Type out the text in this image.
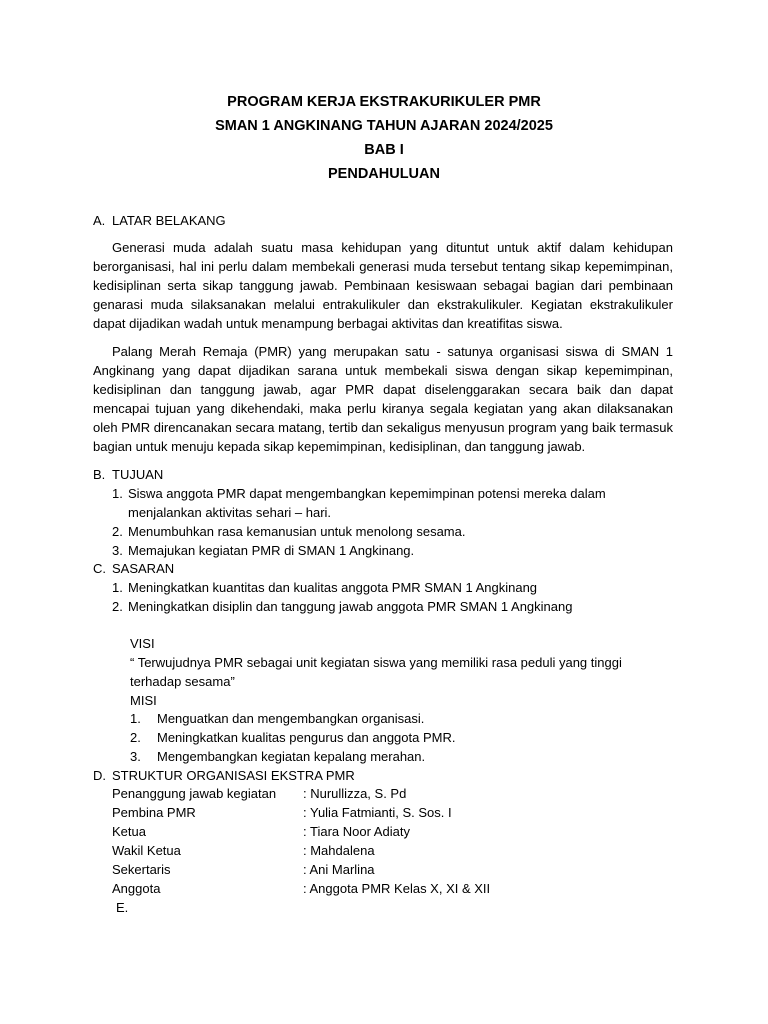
PROGRAM KERJA EKSTRAKURIKULER PMR
SMAN 1 ANGKINANG TAHUN AJARAN 2024/2025
BAB I
PENDAHULUAN
A. LATAR BELAKANG
Generasi muda adalah suatu masa kehidupan yang dituntut untuk aktif dalam kehidupan berorganisasi, hal ini perlu dalam membekali generasi muda tersebut tentang sikap kepemimpinan, kedisiplinan serta sikap tanggung jawab. Pembinaan kesiswaan sebagai bagian dari pembinaan genarasi muda silaksanakan melalui entrakulikuler dan ekstrakulikuler. Kegiatan ekstrakulikuler dapat dijadikan wadah untuk menampung berbagai aktivitas dan kreatifitas siswa.
Palang Merah Remaja (PMR) yang merupakan satu - satunya organisasi siswa di SMAN 1 Angkinang yang dapat dijadikan sarana untuk membekali siswa dengan sikap kepemimpinan, kedisiplinan dan tanggung jawab, agar PMR dapat diselenggarakan secara baik dan dapat mencapai tujuan yang dikehendaki, maka perlu kiranya segala kegiatan yang akan dilaksanakan oleh PMR direncanakan secara matang, tertib dan sekaligus menyusun program yang baik termasuk bagian untuk menuju kepada sikap kepemimpinan, kedisiplinan, dan tanggung jawab.
B. TUJUAN
1. Siswa anggota PMR dapat mengembangkan kepemimpinan potensi mereka dalam menjalankan aktivitas sehari – hari.
2. Menumbuhkan rasa kemanusian untuk menolong sesama.
3. Memajukan kegiatan PMR di SMAN 1 Angkinang.
C. SASARAN
1. Meningkatkan kuantitas dan kualitas anggota PMR SMAN 1 Angkinang
2. Meningkatkan disiplin dan tanggung jawab anggota PMR SMAN 1 Angkinang
VISI
“ Terwujudnya PMR sebagai unit kegiatan siswa yang memiliki rasa peduli yang tinggi terhadap sesama”
MISI
1. Menguatkan dan mengembangkan organisasi.
2. Meningkatkan kualitas pengurus dan anggota PMR.
3. Mengembangkan kegiatan kepalang merahan.
D. STRUKTUR ORGANISASI EKSTRA PMR
Penanggung jawab kegiatan	: Nurullizza, S. Pd
Pembina PMR	: Yulia Fatmianti, S. Sos. I
Ketua	: Tiara Noor Adiaty
Wakil Ketua	: Mahdalena
Sekertaris	: Ani Marlina
Anggota	: Anggota PMR Kelas X, XI & XII
E.
